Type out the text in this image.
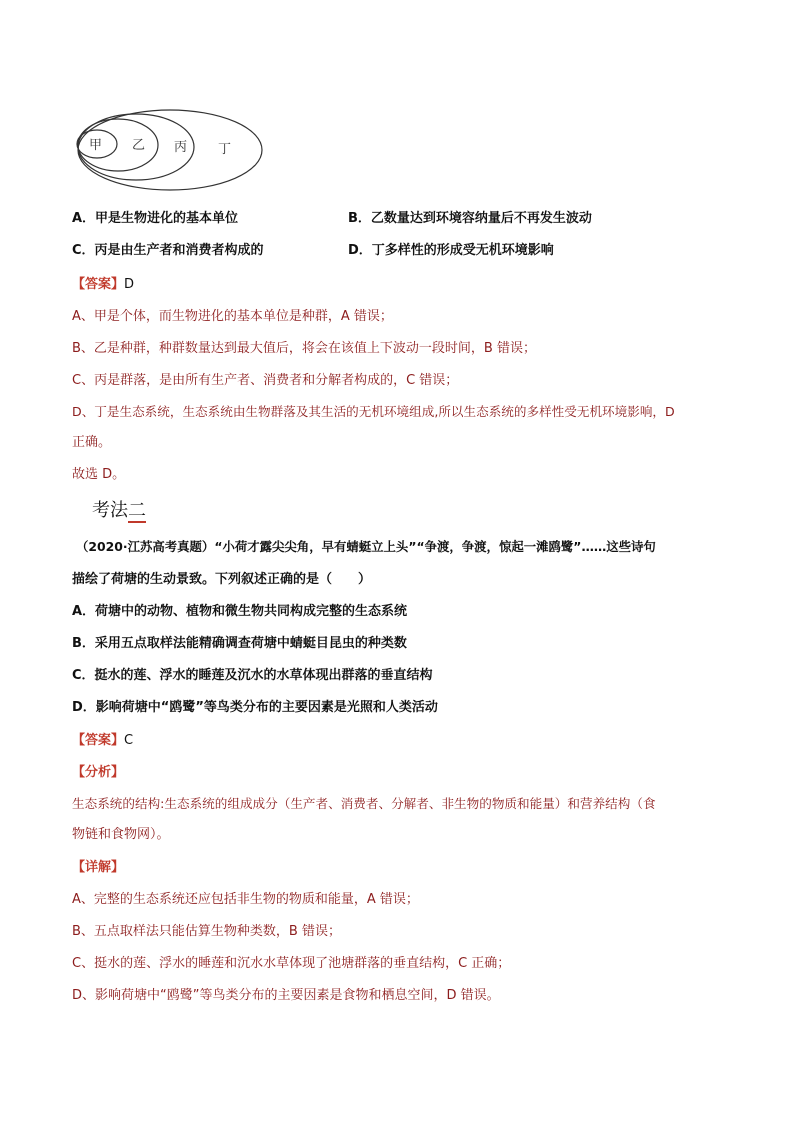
甲 乙 丙 丁
A．甲是生物进化的基本单位	B．乙数量达到环境容纳量后不再发生波动
C．丙是由生产者和消费者构成的	D．丁多样性的形成受无机环境影响
【答案】D
A、甲是个体，而生物进化的基本单位是种群，A 错误；
B、乙是种群，种群数量达到最大值后，将会在该值上下波动一段时间，B 错误；
C、丙是群落，是由所有生产者、消费者和分解者构成的，C 错误；
D、丁是生态系统，生态系统由生物群落及其生活的无机环境组成,所以生态系统的多样性受无机环境影响，D
正确。
故选 D。
考法二
（2020·江苏高考真题）“小荷才露尖尖角，早有蜻蜓立上头”“争渡，争渡，惊起一滩鸥鹭”……这些诗句
描绘了荷塘的生动景致。下列叙述正确的是（　　）
A．荷塘中的动物、植物和微生物共同构成完整的生态系统
B．采用五点取样法能精确调查荷塘中蜻蜓目昆虫的种类数
C．挺水的莲、浮水的睡莲及沉水的水草体现出群落的垂直结构
D．影响荷塘中“鸥鹭”等鸟类分布的主要因素是光照和人类活动
【答案】C
【分析】
生态系统的结构:生态系统的组成成分（生产者、消费者、分解者、非生物的物质和能量）和营养结构（食
物链和食物网）。
【详解】
A、完整的生态系统还应包括非生物的物质和能量，A 错误；
B、五点取样法只能估算生物种类数，B 错误；
C、挺水的莲、浮水的睡莲和沉水水草体现了池塘群落的垂直结构，C 正确；
D、影响荷塘中“鸥鹭”等鸟类分布的主要因素是食物和栖息空间，D 错误。
